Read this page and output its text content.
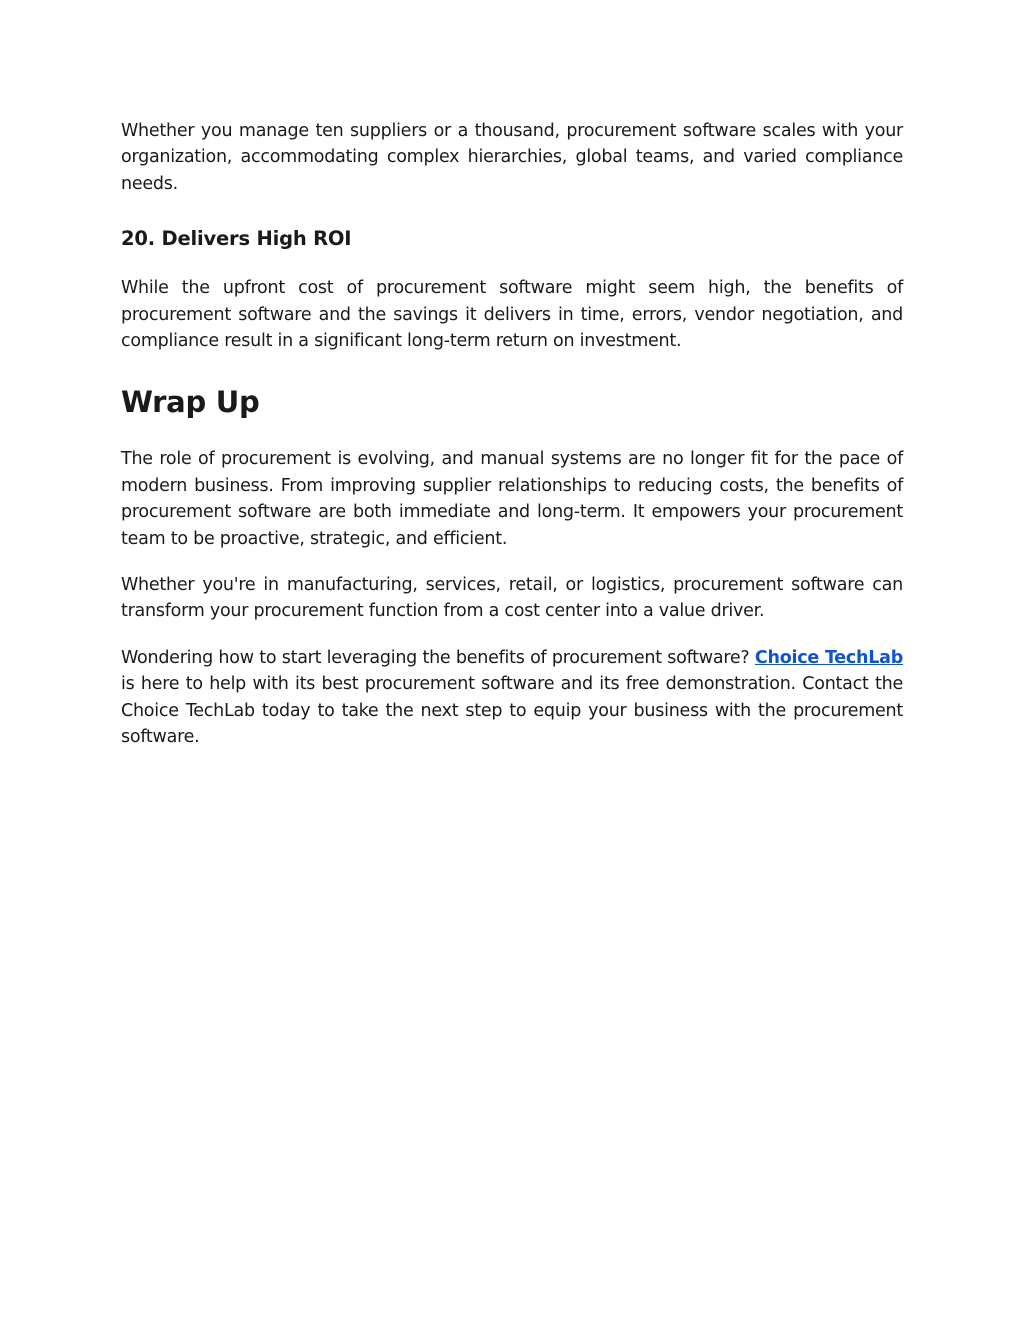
Whether you manage ten suppliers or a thousand, procurement software scales with your organization, accommodating complex hierarchies, global teams, and varied compliance needs.

20. Delivers High ROI

While the upfront cost of procurement software might seem high, the benefits of procurement software and the savings it delivers in time, errors, vendor negotiation, and compliance result in a significant long-term return on investment.

Wrap Up

The role of procurement is evolving, and manual systems are no longer fit for the pace of modern business. From improving supplier relationships to reducing costs, the benefits of procurement software are both immediate and long-term. It empowers your procurement team to be proactive, strategic, and efficient.

Whether you're in manufacturing, services, retail, or logistics, procurement software can transform your procurement function from a cost center into a value driver.

Wondering how to start leveraging the benefits of procurement software? Choice TechLab is here to help with its best procurement software and its free demonstration. Contact the Choice TechLab today to take the next step to equip your business with the procurement software.
